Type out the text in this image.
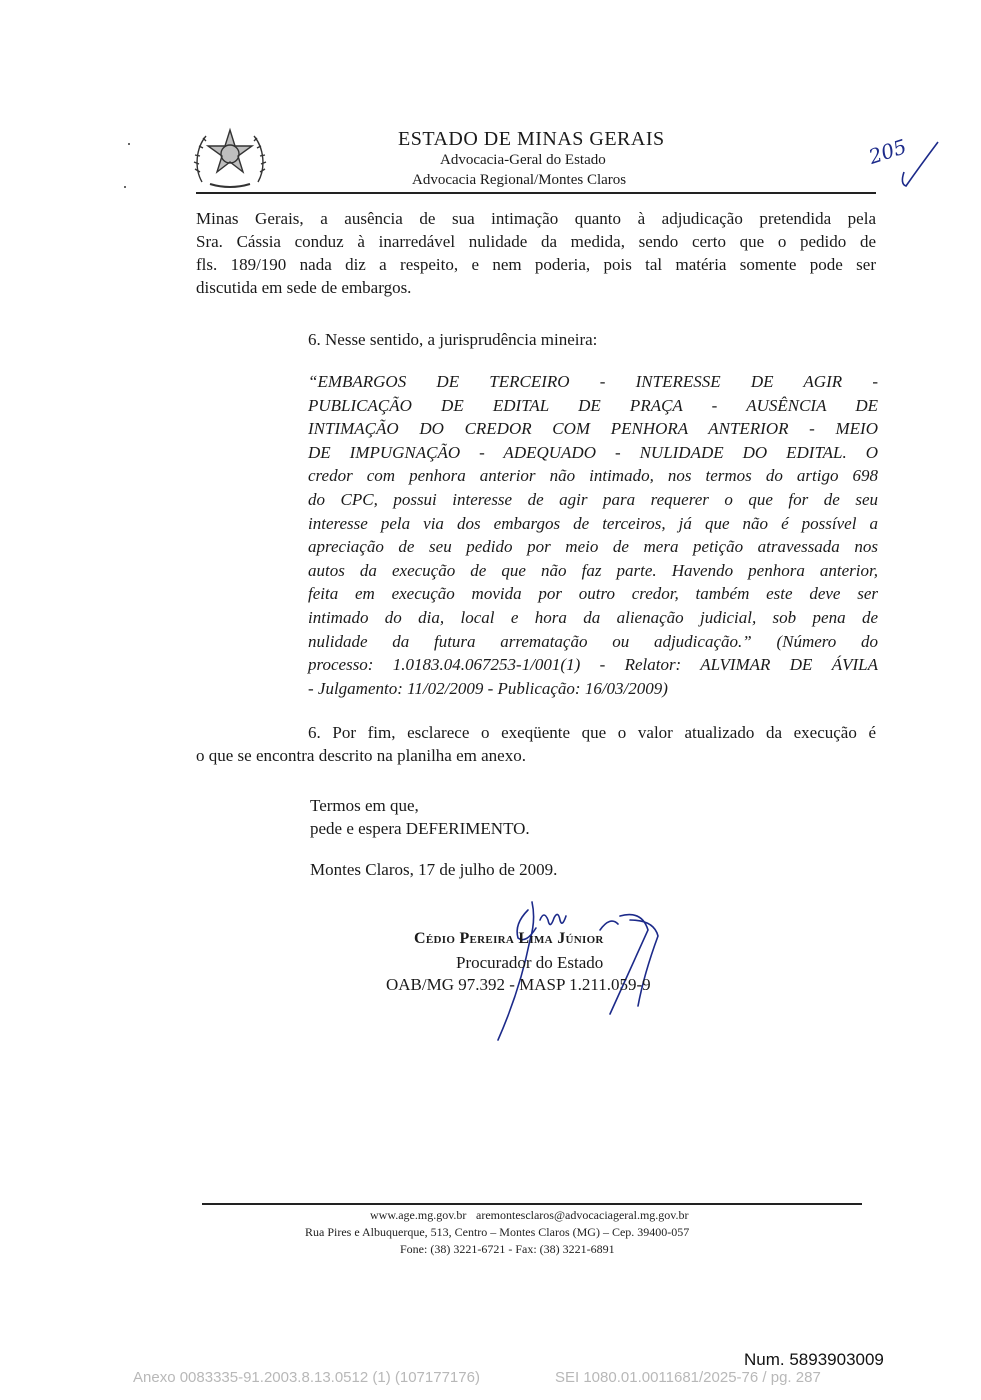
ESTADO DE MINAS GERAIS
Advocacia-Geral do Estado
Advocacia Regional/Montes Claros
205
Minas Gerais, a ausência de sua intimação quanto à adjudicação pretendida pela
Sra. Cássia conduz à inarredável nulidade da medida, sendo certo que o pedido de
fls. 189/190 nada diz a respeito, e nem poderia, pois tal matéria somente pode ser
discutida em sede de embargos.
6. Nesse sentido, a jurisprudência mineira:
“EMBARGOS DE TERCEIRO - INTERESSE DE AGIR -
PUBLICAÇÃO DE EDITAL DE PRAÇA - AUSÊNCIA DE
INTIMAÇÃO DO CREDOR COM PENHORA ANTERIOR - MEIO
DE IMPUGNAÇÃO - ADEQUADO - NULIDADE DO EDITAL. O
credor com penhora anterior não intimado, nos termos do artigo 698
do CPC, possui interesse de agir para requerer o que for de seu
interesse pela via dos embargos de terceiros, já que não é possível a
apreciação de seu pedido por meio de mera petição atravessada nos
autos da execução de que não faz parte. Havendo penhora anterior,
feita em execução movida por outro credor, também este deve ser
intimado do dia, local e hora da alienação judicial, sob pena de
nulidade da futura arrematação ou adjudicação.” (Número do
processo: 1.0183.04.067253-1/001(1) - Relator: ALVIMAR DE ÁVILA
- Julgamento: 11/02/2009 - Publicação: 16/03/2009)
6. Por fim, esclarece o exeqüente que o valor atualizado da execução é
o que se encontra descrito na planilha em anexo.
Termos em que,
pede e espera DEFERIMENTO.
Montes Claros, 17 de julho de 2009.
Cédio Pereira Lima Júnior
Procurador do Estado
OAB/MG 97.392 - MASP 1.211.059-9
www.age.mg.gov.br aremontesclaros@advocaciageral.mg.gov.br
Rua Pires e Albuquerque, 513, Centro – Montes Claros (MG) – Cep. 39400-057
Fone: (38) 3221-6721 - Fax: (38) 3221-6891
Num. 5893903009
Anexo 0083335-91.2003.8.13.0512 (1) (107177176)	SEI 1080.01.0011681/2025-76 / pg. 287
